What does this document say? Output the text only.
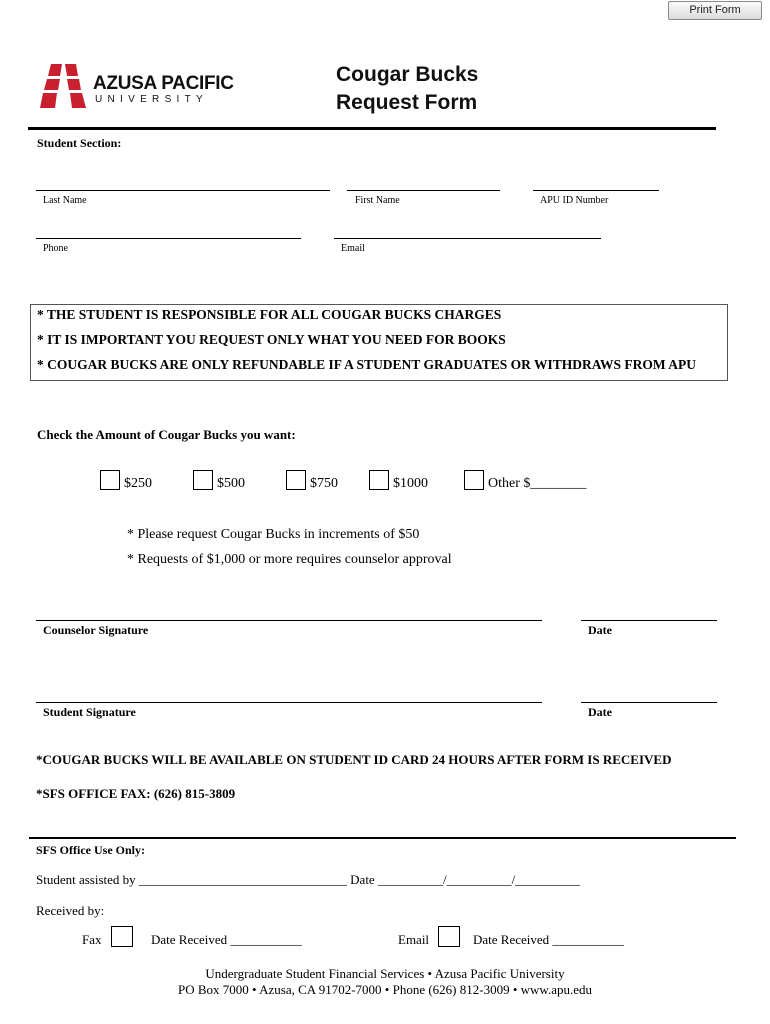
Print Form
AZUSA PACIFIC
UNIVERSITY
Cougar Bucks
Request Form
Student Section:
Last Name	First Name	APU ID Number
Phone	Email
* THE STUDENT IS RESPONSIBLE FOR ALL COUGAR BUCKS CHARGES
* IT IS IMPORTANT YOU REQUEST ONLY WHAT YOU NEED FOR BOOKS
* COUGAR BUCKS ARE ONLY REFUNDABLE IF A STUDENT GRADUATES OR WITHDRAWS FROM APU
Check the Amount of Cougar Bucks you want:
$250	$500	$750	$1000	Other $________
* Please request Cougar Bucks in increments of $50
* Requests of $1,000 or more requires counselor approval
Counselor Signature	Date
Student Signature	Date
*COUGAR BUCKS WILL BE AVAILABLE ON STUDENT ID CARD 24 HOURS AFTER FORM IS RECEIVED
*SFS OFFICE FAX: (626) 815-3809
SFS Office Use Only:
Student assisted by ________________________________ Date __________/__________/__________
Received by:
Fax	Date Received ___________	Email	Date Received ___________
Undergraduate Student Financial Services • Azusa Pacific University
PO Box 7000 • Azusa, CA 91702-7000 • Phone (626) 812-3009 • www.apu.edu
